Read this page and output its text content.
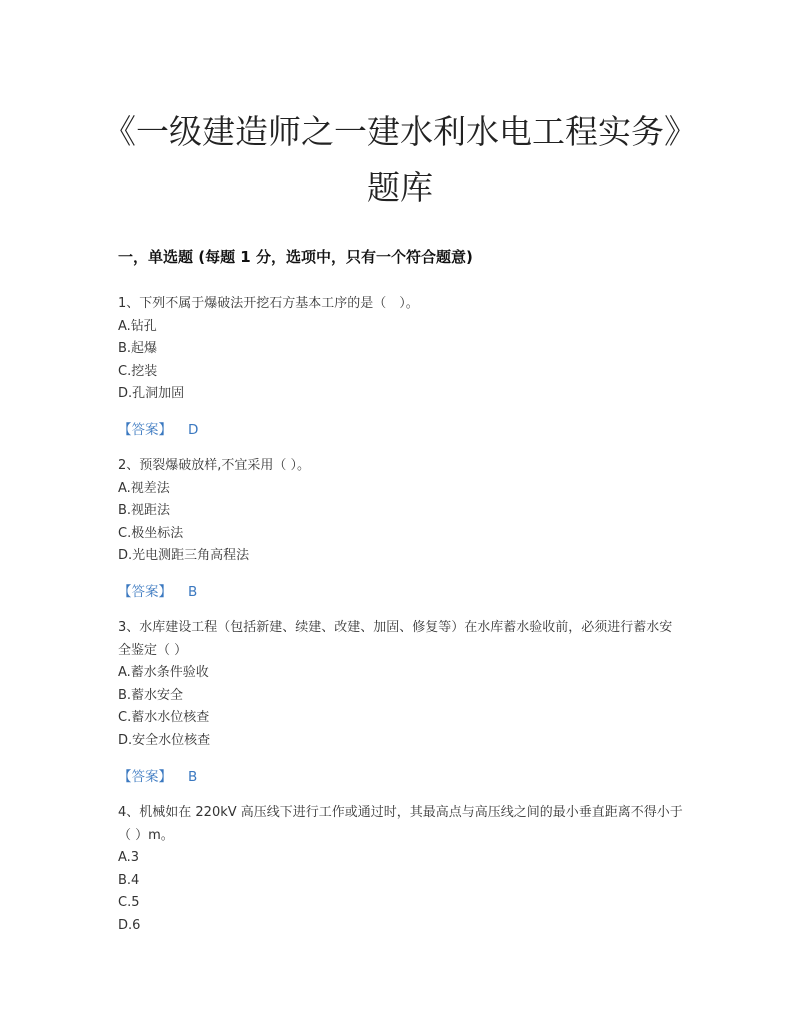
《一级建造师之一建水利水电工程实务》题库
一，单选题 (每题 1 分，选项中，只有一个符合题意)

1、下列不属于爆破法开挖石方基本工序的是（　）。

A.钻孔

B.起爆

C.挖装

D.孔洞加固

【答案】 D

2、预裂爆破放样,不宜采用（ ）。

A.视差法

B.视距法

C.极坐标法

D.光电测距三角高程法

【答案】 B

3、水库建设工程（包括新建、续建、改建、加固、修复等）在水库蓄水验收前，必须进行蓄水安全鉴定（ ）

A.蓄水条件验收

B.蓄水安全

C.蓄水水位核查

D.安全水位核查

【答案】 B

4、机械如在 220kV 高压线下进行工作或通过时，其最高点与高压线之间的最小垂直距离不得小于（ ）m。

A.3

B.4

C.5

D.6
